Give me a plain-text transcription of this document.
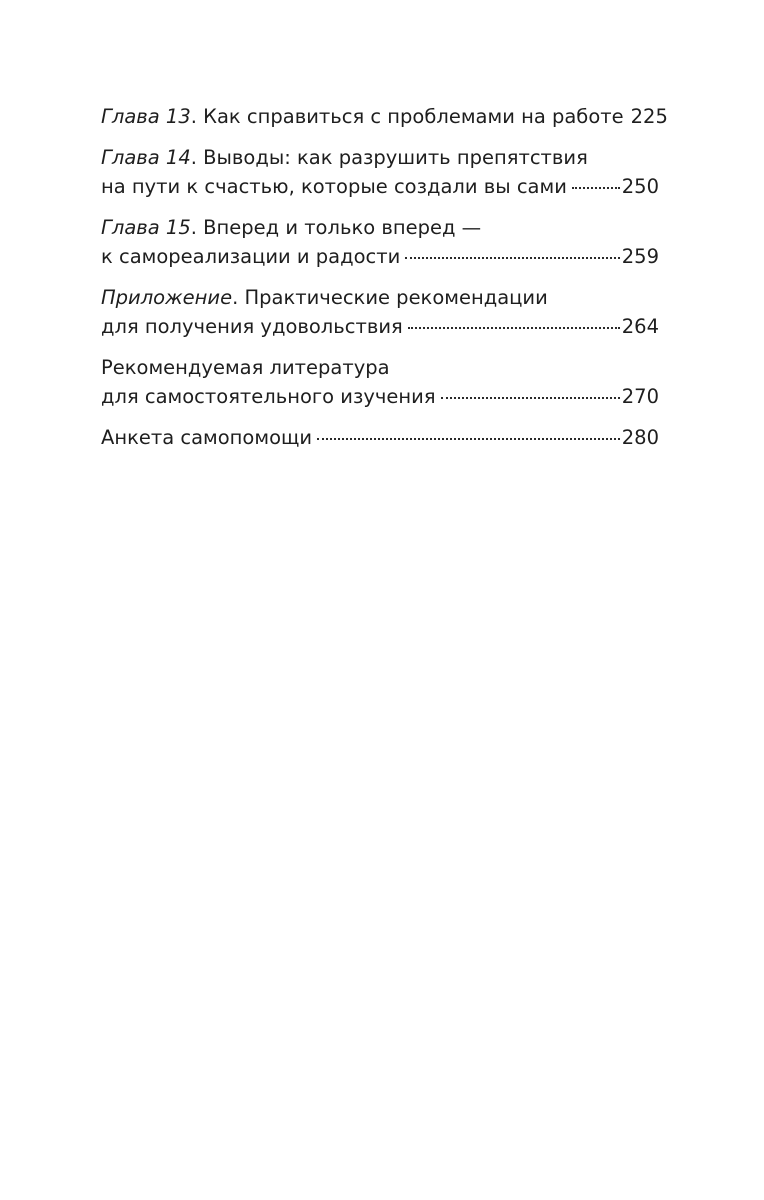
Глава 13. Как справиться с проблемами на работе 225
Глава 14. Выводы: как разрушить препятствия
на пути к счастью, которые создали вы сами	250
Глава 15. Вперед и только вперед —
к самореализации и радости	259
Приложение. Практические рекомендации
для получения удовольствия	264
Рекомендуемая литература
для самостоятельного изучения	270
Анкета самопомощи	280
